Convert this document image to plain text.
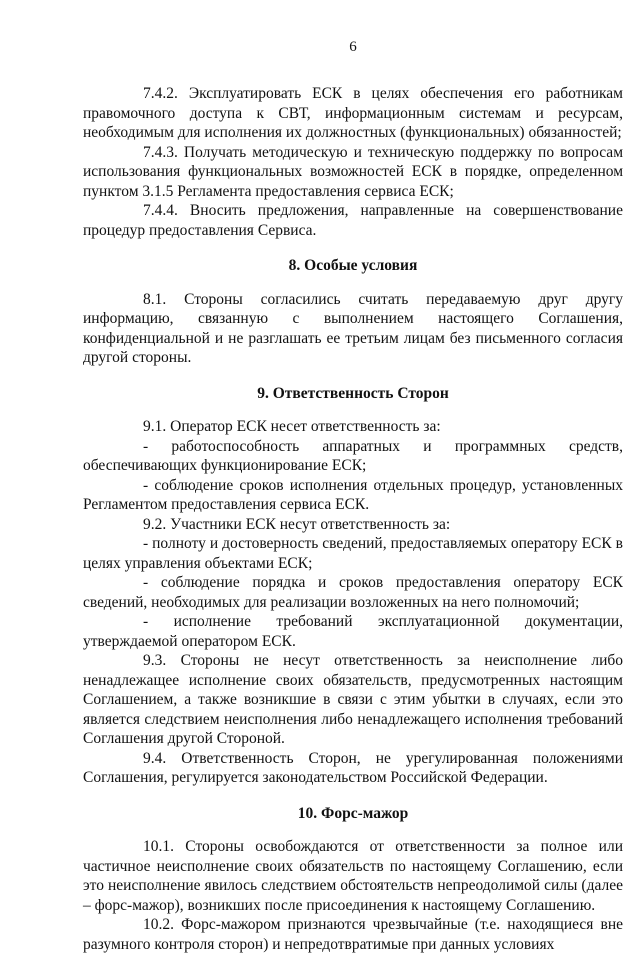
6

7.4.2. Эксплуатировать ЕСК в целях обеспечения его работникам правомочного доступа к СВТ, информационным системам и ресурсам, необходимым для исполнения их должностных (функциональных) обязанностей;

7.4.3. Получать методическую и техническую поддержку по вопросам использования функциональных возможностей ЕСК в порядке, определенном пунктом 3.1.5 Регламента предоставления сервиса ЕСК;

7.4.4. Вносить предложения, направленные на совершенствование процедур предоставления Сервиса.

8. Особые условия

8.1. Стороны согласились считать передаваемую друг другу информацию, связанную с выполнением настоящего Соглашения, конфиденциальной и не разглашать ее третьим лицам без письменного согласия другой стороны.

9. Ответственность Сторон

9.1. Оператор ЕСК несет ответственность за:

- работоспособность аппаратных и программных средств, обеспечивающих функционирование ЕСК;

- соблюдение сроков исполнения отдельных процедур, установленных Регламентом предоставления сервиса ЕСК.

9.2. Участники ЕСК несут ответственность за:

- полноту и достоверность сведений, предоставляемых оператору ЕСК в целях управления объектами ЕСК;

- соблюдение порядка и сроков предоставления оператору ЕСК сведений, необходимых для реализации возложенных на него полномочий;

- исполнение требований эксплуатационной документации, утверждаемой оператором ЕСК.

9.3. Стороны не несут ответственность за неисполнение либо ненадлежащее исполнение своих обязательств, предусмотренных настоящим Соглашением, а также возникшие в связи с этим убытки в случаях, если это является следствием неисполнения либо ненадлежащего исполнения требований Соглашения другой Стороной.

9.4. Ответственность Сторон, не урегулированная положениями Соглашения, регулируется законодательством Российской Федерации.

10. Форс-мажор

10.1. Стороны освобождаются от ответственности за полное или частичное неисполнение своих обязательств по настоящему Соглашению, если это неисполнение явилось следствием обстоятельств непреодолимой силы (далее – форс-мажор), возникших после присоединения к настоящему Соглашению.

10.2. Форс-мажором признаются чрезвычайные (т.е. находящиеся вне разумного контроля сторон) и непредотвратимые при данных условиях
